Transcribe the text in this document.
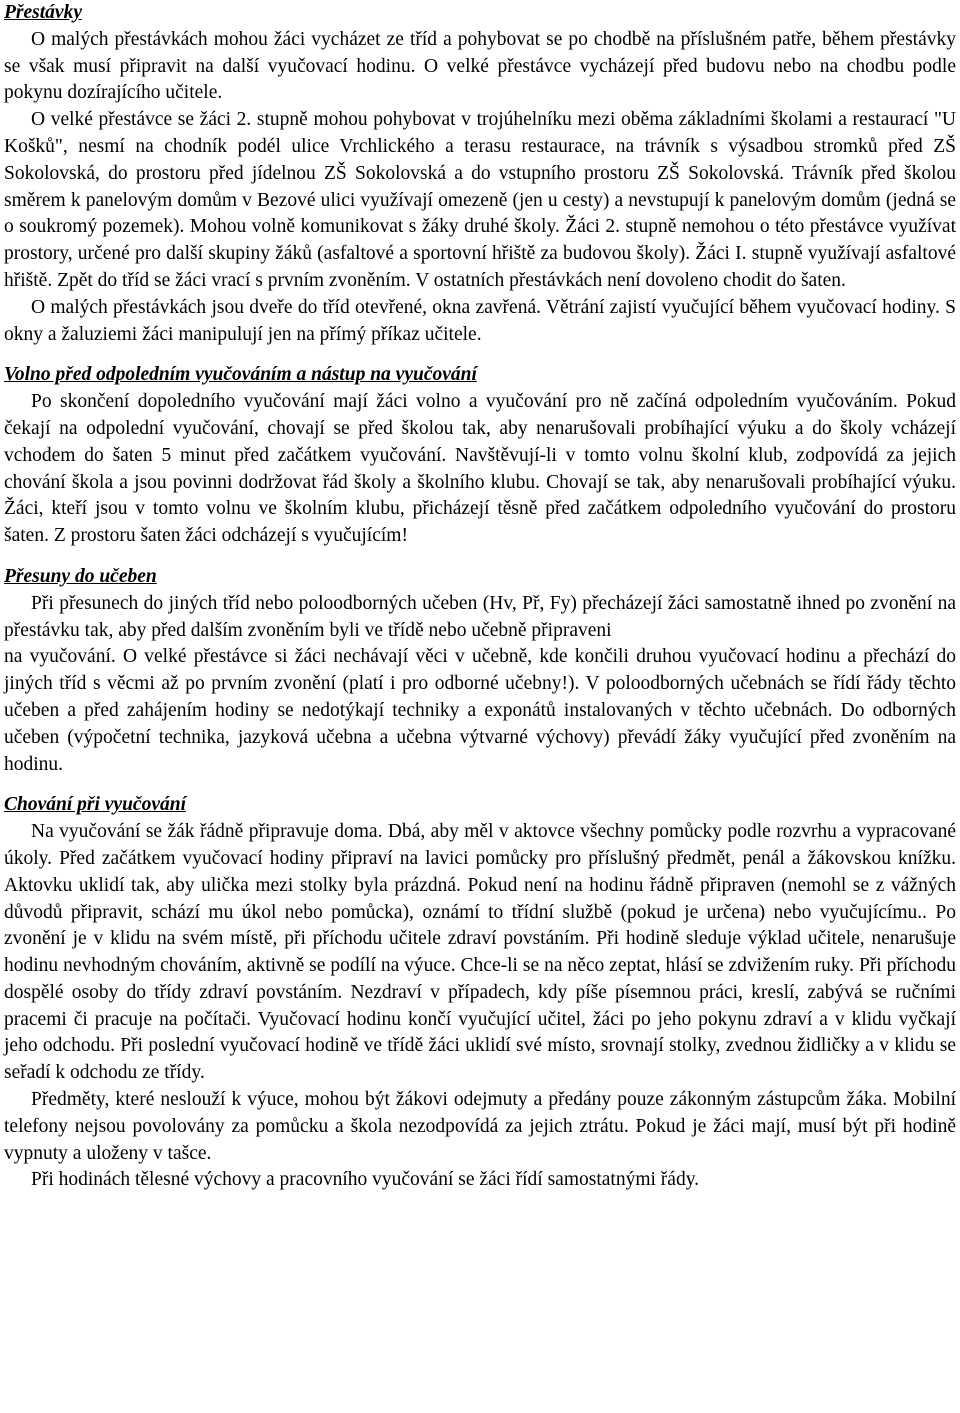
Přestávky

O malých přestávkách mohou žáci vycházet ze tříd a pohybovat se po chodbě na příslušném patře, během přestávky se však musí připravit na další vyučovací hodinu. O velké přestávce vycházejí před budovu nebo na chodbu podle pokynu dozírajícího učitele.

O velké přestávce se žáci 2. stupně mohou pohybovat v trojúhelníku mezi oběma základními školami a restaurací "U Košků", nesmí na chodník podél ulice Vrchlického a terasu restaurace, na trávník s výsadbou stromků před ZŠ Sokolovská, do prostoru před jídelnou ZŠ Sokolovská a do vstupního prostoru ZŠ Sokolovská. Trávník před školou směrem k panelovým domům v Bezové ulici využívají omezeně (jen u cesty) a nevstupují k panelovým domům (jedná se o soukromý pozemek). Mohou volně komunikovat s žáky druhé školy. Žáci 2. stupně nemohou o této přestávce využívat prostory, určené pro další skupiny žáků (asfaltové a sportovní hřiště za budovou školy). Žáci I. stupně využívají asfaltové hřiště. Zpět do tříd se žáci vrací s prvním zvoněním. V ostatních přestávkách není dovoleno chodit do šaten.

O malých přestávkách jsou dveře do tříd otevřené, okna zavřená. Větrání zajistí vyučující během vyučovací hodiny. S okny a žaluziemi žáci manipulují jen na přímý příkaz učitele.

Volno před odpoledním vyučováním a nástup na vyučování

Po skončení dopoledního vyučování mají žáci volno a vyučování pro ně začíná odpoledním vyučováním. Pokud čekají na odpolední vyučování, chovají se před školou tak, aby nenarušovali probíhající výuku a do školy vcházejí vchodem do šaten 5 minut před začátkem vyučování. Navštěvují-li v tomto volnu školní klub, zodpovídá za jejich chování škola a jsou povinni dodržovat řád školy a školního klubu. Chovají se tak, aby nenarušovali probíhající výuku. Žáci, kteří jsou v tomto volnu ve školním klubu, přicházejí těsně před začátkem odpoledního vyučování do prostoru šaten. Z prostoru šaten žáci odcházejí s vyučujícím!

Přesuny do učeben

Při přesunech do jiných tříd nebo poloodborných učeben (Hv, Př, Fy) přecházejí žáci samostatně ihned po zvonění na přestávku tak, aby před dalším zvoněním byli ve třídě nebo učebně připraveni

na vyučování. O velké přestávce si žáci nechávají věci v učebně, kde končili druhou vyučovací hodinu a přechází do jiných tříd s věcmi až po prvním zvonění (platí i pro odborné učebny!). V poloodborných učebnách se řídí řády těchto učeben a před zahájením hodiny se nedotýkají techniky a exponátů instalovaných v těchto učebnách. Do odborných učeben (výpočetní technika, jazyková učebna a učebna výtvarné výchovy) převádí žáky vyučující před zvoněním na hodinu.

Chování při vyučování

Na vyučování se žák řádně připravuje doma. Dbá, aby měl v aktovce všechny pomůcky podle rozvrhu a vypracované úkoly. Před začátkem vyučovací hodiny připraví na lavici pomůcky pro příslušný předmět, penál a žákovskou knížku. Aktovku uklidí tak, aby ulička mezi stolky byla prázdná. Pokud není na hodinu řádně připraven (nemohl se z vážných důvodů připravit, schází mu úkol nebo pomůcka), oznámí to třídní službě (pokud je určena) nebo vyučujícímu.. Po zvonění je v klidu na svém místě, při příchodu učitele zdraví povstáním. Při hodině sleduje výklad učitele, nenarušuje hodinu nevhodným chováním, aktivně se podílí na výuce. Chce-li se na něco zeptat, hlásí se zdvižením ruky. Při příchodu dospělé osoby do třídy zdraví povstáním. Nezdraví v případech, kdy píše písemnou práci, kreslí, zabývá se ručními pracemi či pracuje na počítači. Vyučovací hodinu končí vyučující učitel, žáci po jeho pokynu zdraví a v klidu vyčkají jeho odchodu. Při poslední vyučovací hodině ve třídě žáci uklidí své místo, srovnají stolky, zvednou židličky a v klidu se seřadí k odchodu ze třídy.

Předměty, které neslouží k výuce, mohou být žákovi odejmuty a předány pouze zákonným zástupcům žáka. Mobilní telefony nejsou povolovány za pomůcku a škola nezodpovídá za jejich ztrátu. Pokud je žáci mají, musí být při hodině vypnuty a uloženy v tašce.

Při hodinách tělesné výchovy a pracovního vyučování se žáci řídí samostatnými řády.
